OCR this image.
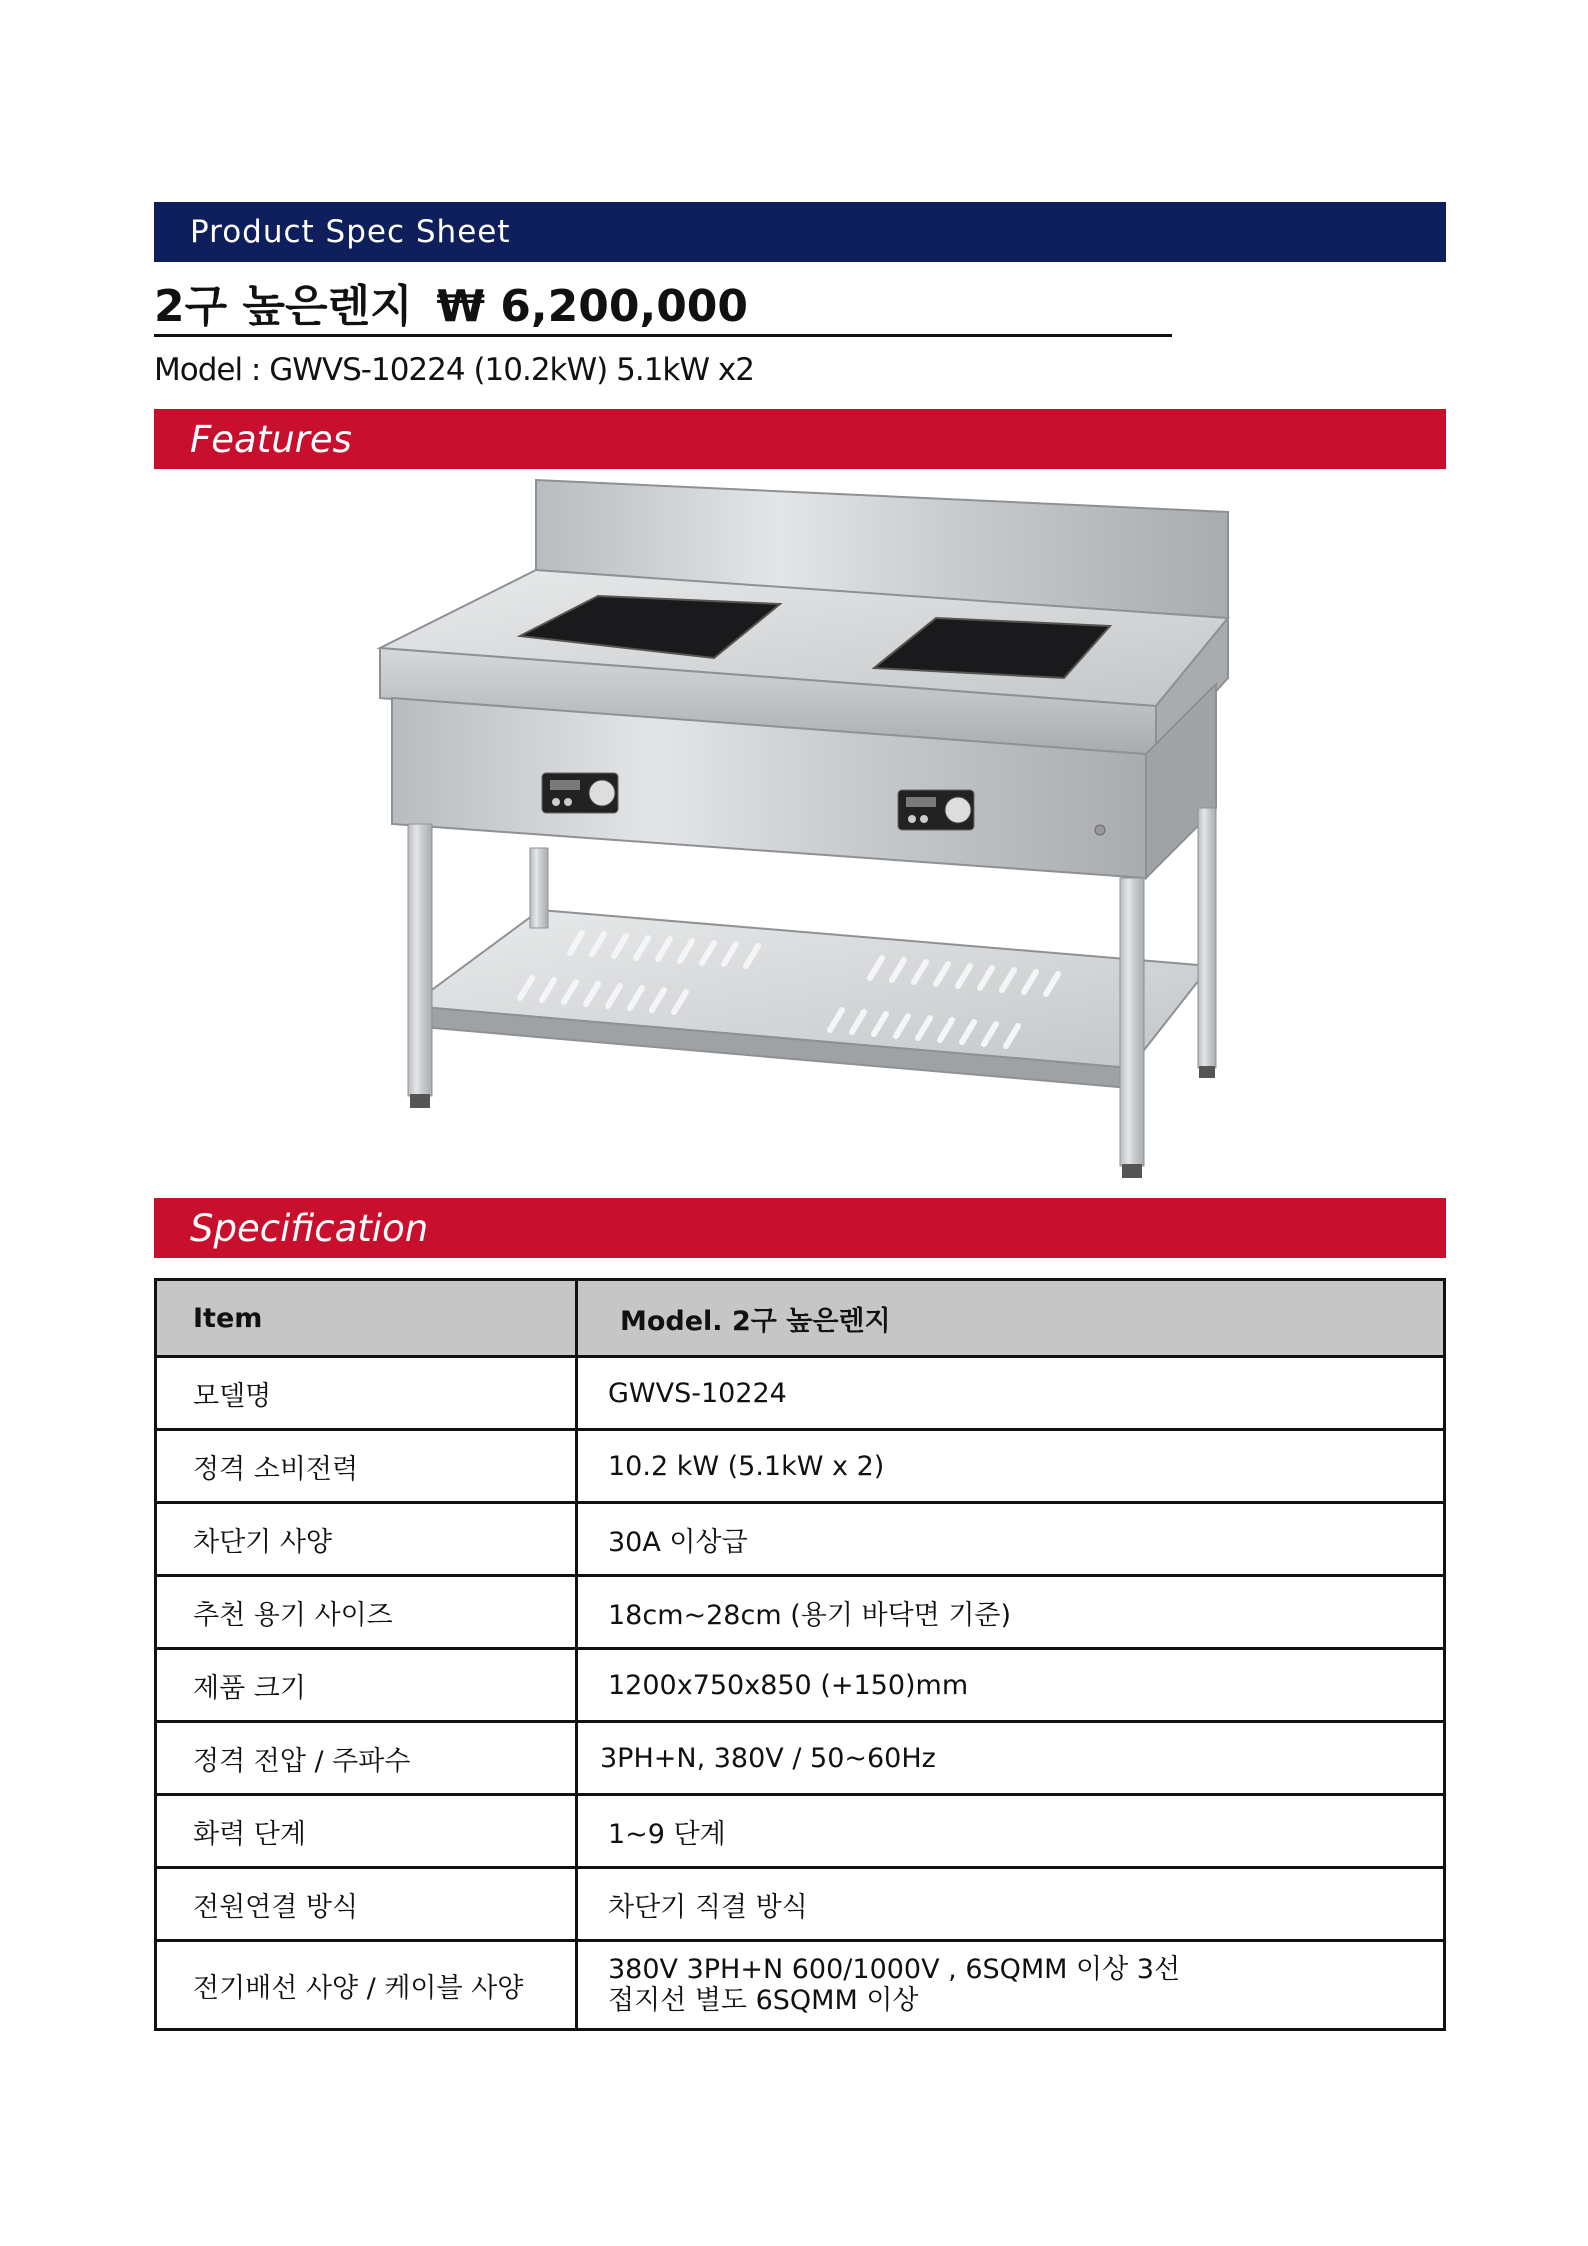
Product Spec Sheet
2구 높은렌지 ₩ 6,200,000
Model : GWVS-10224 (10.2kW) 5.1kW x2
Features
Specification
Item	Model. 2구 높은렌지
모델명	GWVS-10224
정격 소비전력	10.2 kW (5.1kW x 2)
차단기 사양	30A 이상급
추천 용기 사이즈	18cm~28cm (용기 바닥면 기준)
제품 크기	1200x750x850 (+150)mm
정격 전압 / 주파수	3PH+N, 380V / 50~60Hz
화력 단계	1~9 단계
전원연결 방식	차단기 직결 방식
전기배선 사양 / 케이블 사양	380V 3PH+N 600/1000V , 6SQMM 이상 3선
접지선 별도 6SQMM 이상
